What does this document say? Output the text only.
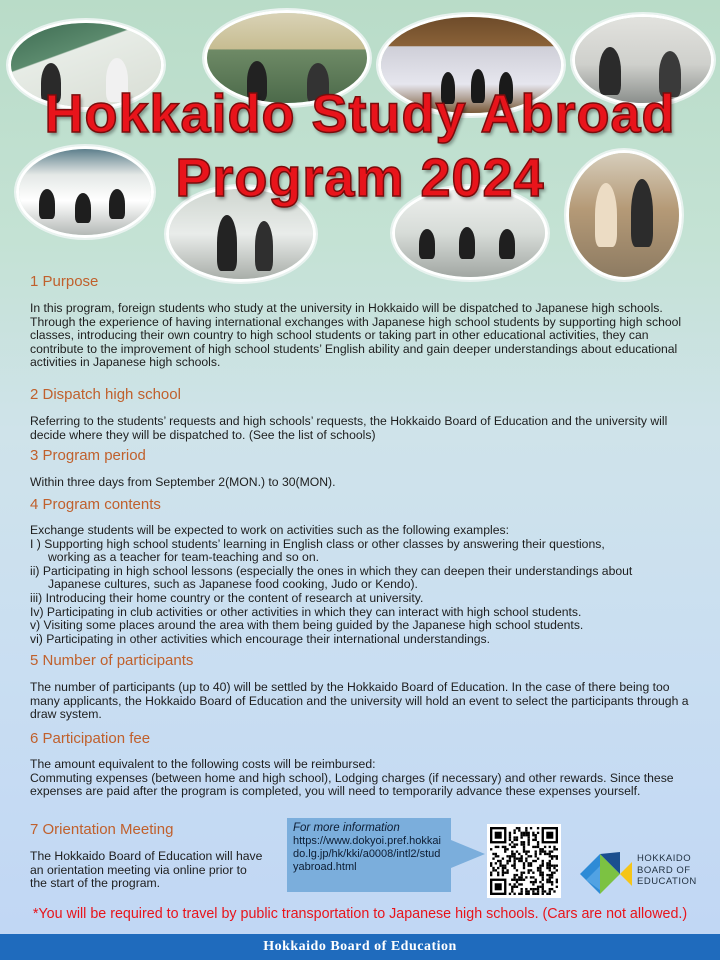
Hokkaido Study Abroad
Program 2024
1 Purpose
In this program, foreign students who study at the university in Hokkaido will be dispatched to Japanese high schools. Through the experience of having international exchanges with Japanese high school students by supporting high school classes, introducing their own country to high school students or taking part in other educational activities, they can contribute to the improvement of high school students’ English ability and gain deeper understandings about educational activities in Japanese high schools.
2 Dispatch high school
Referring to the students’ requests and high schools’ requests, the Hokkaido Board of Education and the university will decide where they will be dispatched to. (See the list of schools)
3 Program period
Within three days from September 2(MON.) to 30(MON).
4 Program contents

Exchange students will be expected to work on activities such as the following examples:

I ) Supporting high school students’ learning in English class or other classes by answering their questions,

working as a teacher for team-teaching and so on.

ii) Participating in high school lessons (especially the ones in which they can deepen their understandings about

Japanese cultures, such as Japanese food cooking, Judo or Kendo).

iii) Introducing their home country or the content of research at university.

Iv) Participating in club activities or other activities in which they can interact with high school students.

v) Visiting some places around the area with them being guided by the Japanese high school students.

vi) Participating in other activities which encourage their international understandings.

5 Number of participants
The number of participants (up to 40) will be settled by the Hokkaido Board of Education. In the case of there being too many applicants, the Hokkaido Board of Education and the university will hold an event to select the participants through a draw system.
6 Participation fee

The amount equivalent to the following costs will be reimbursed:

Commuting expenses (between home and high school), Lodging charges (if necessary) and other rewards. Since these expenses are paid after the program is completed, you will need to temporarily advance these expenses yourself.

7 Orientation Meeting
The Hokkaido Board of Education will have an orientation meeting via online prior to the start of the program.
For more information
https://www.dokyoi.pref.hokkaido.lg.jp/hk/kki/a0008/intl2/studyabroad.html
HOKKAIDO
BOARD OF
EDUCATION
*You will be required to travel by public transportation to Japanese high schools. (Cars are not allowed.)
Hokkaido Board of Education
